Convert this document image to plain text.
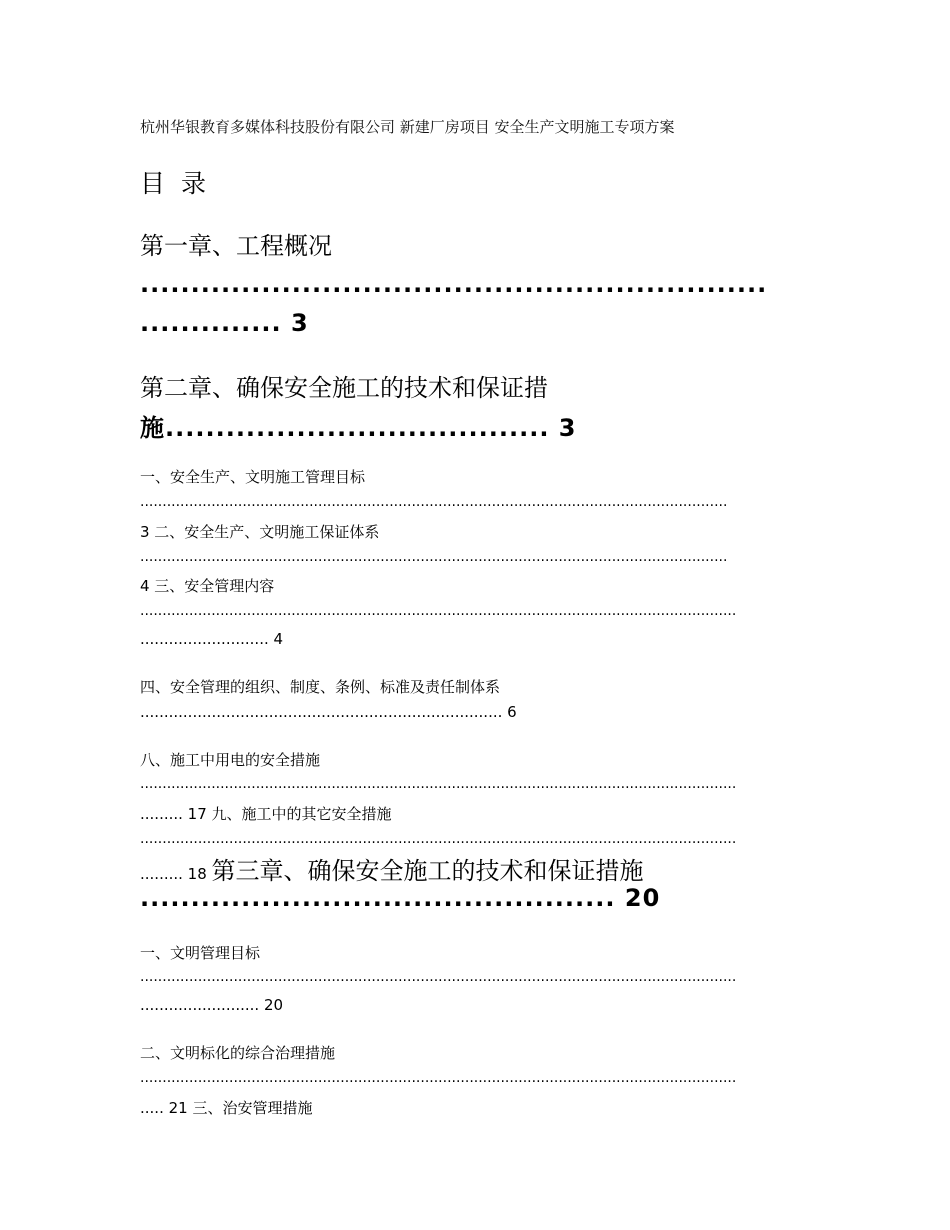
杭州华银教育多媒体科技股份有限公司 新建厂房项目 安全生产文明施工专项方案
目 录
第一章、工程概况
..............................................................
.............. 3
第二章、确保安全施工的技术和保证措
施...................................... 3
一、安全生产、文明施工管理目标
....................................................................................................................................
3 二、安全生产、文明施工保证体系
....................................................................................................................................
4 三、安全管理内容
......................................................................................................................................
........................... 4
四、安全管理的组织、制度、条例、标准及责任制体系
............................................................................ 6
八、施工中用电的安全措施
......................................................................................................................................
......... 17 九、施工中的其它安全措施
......................................................................................................................................
......... 18 第三章、确保安全施工的技术和保证措施
............................................... 20
一、文明管理目标
......................................................................................................................................
......................... 20
二、文明标化的综合治理措施
......................................................................................................................................
..... 21 三、治安管理措施
